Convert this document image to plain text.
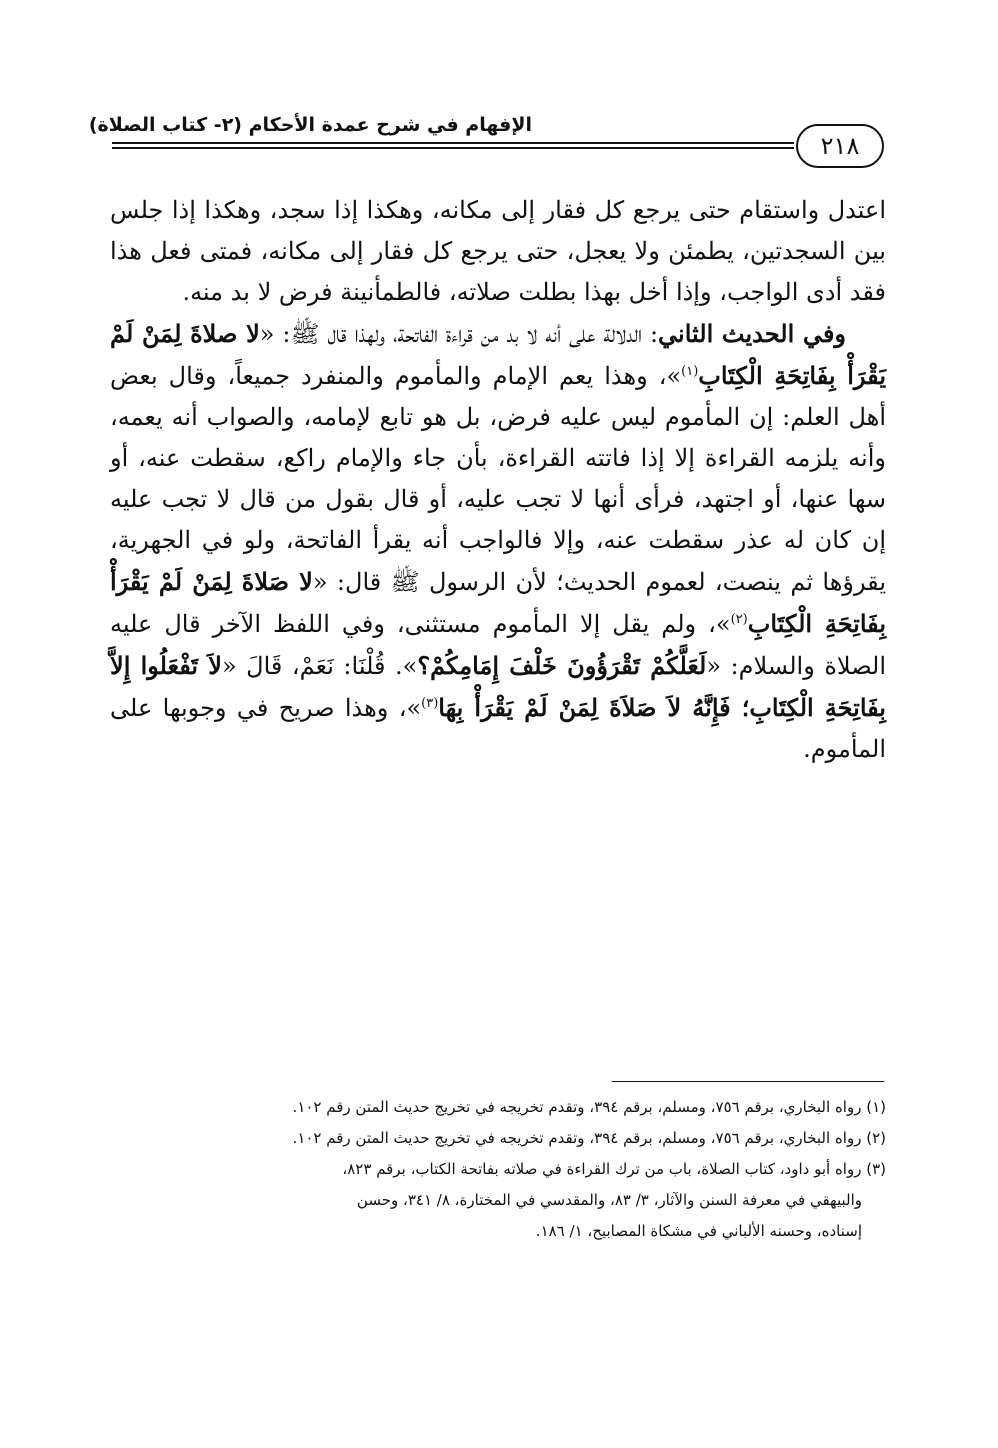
الإفهام في شرح عمدة الأحكام (٢- كتاب الصلاة)
٢١٨

اعتدل واستقام حتى يرجع كل فقار إلى مكانه، وهكذا إذا سجد، وهكذا إذا جلس بين السجدتين، يطمئن ولا يعجل، حتى يرجع كل فقار إلى مكانه، فمتى فعل هذا فقد أدى الواجب، وإذا أخل بهذا بطلت صلاته، فالطمأنينة فرض لا بد منه.

وفي الحديث الثاني: الدلالة على أنه لا بد من قراءة الفاتحة، ولهذا قال ﷺ: «لا صلاةَ لِمَنْ لَمْ يَقْرَأْ بِفَاتِحَةِ الْكِتَابِ$^{(١)}$»، وهذا يعم الإمام والمأموم والمنفرد جميعاً، وقال بعض أهل العلم: إن المأموم ليس عليه فرض، بل هو تابع لإمامه، والصواب أنه يعمه، وأنه يلزمه القراءة إلا إذا فاتته القراءة، بأن جاء والإمام راكع، سقطت عنه، أو سها عنها، أو اجتهد، فرأى أنها لا تجب عليه، أو قال بقول من قال لا تجب عليه إن كان له عذر سقطت عنه، وإلا فالواجب أنه يقرأ الفاتحة، ولو في الجهرية، يقرؤها ثم ينصت، لعموم الحديث؛ لأن الرسول ﷺ قال: «لا صَلاةَ لِمَنْ لَمْ يَقْرَأْ بِفَاتِحَةِ الْكِتَابِ$^{(٢)}$»، ولم يقل إلا المأموم مستثنى، وفي اللفظ الآخر قال عليه الصلاة والسلام: «لَعَلَّكُمْ تَقْرَؤُونَ خَلْفَ إِمَامِكُمْ؟». قُلْنَا: نَعَمْ، قَالَ «لاَ تَفْعَلُوا إِلاَّ بِفَاتِحَةِ الْكِتَابِ؛ فَإِنَّهُ لاَ صَلاَةَ لِمَنْ لَمْ يَقْرَأْ بِهَا$^{(٣)}$»، وهذا صريح في وجوبها على المأموم.

(١) رواه البخاري، برقم ٧٥٦، ومسلم، برقم ٣٩٤، وتقدم تخريجه في تخريج حديث المتن رقم ١٠٢.

(٢) رواه البخاري، برقم ٧٥٦، ومسلم، برقم ٣٩٤، وتقدم تخريجه في تخريج حديث المتن رقم ١٠٢.

(٣) رواه أبو داود، كتاب الصلاة، باب من ترك القراءة في صلاته بفاتحة الكتاب، برقم ٨٢٣،

والبيهقي في معرفة السنن والآثار، ٣/ ٨٣، والمقدسي في المختارة، ٨/ ٣٤١، وحسن

إسناده، وحسنه الألباني في مشكاة المصابيح، ١/ ١٨٦.
